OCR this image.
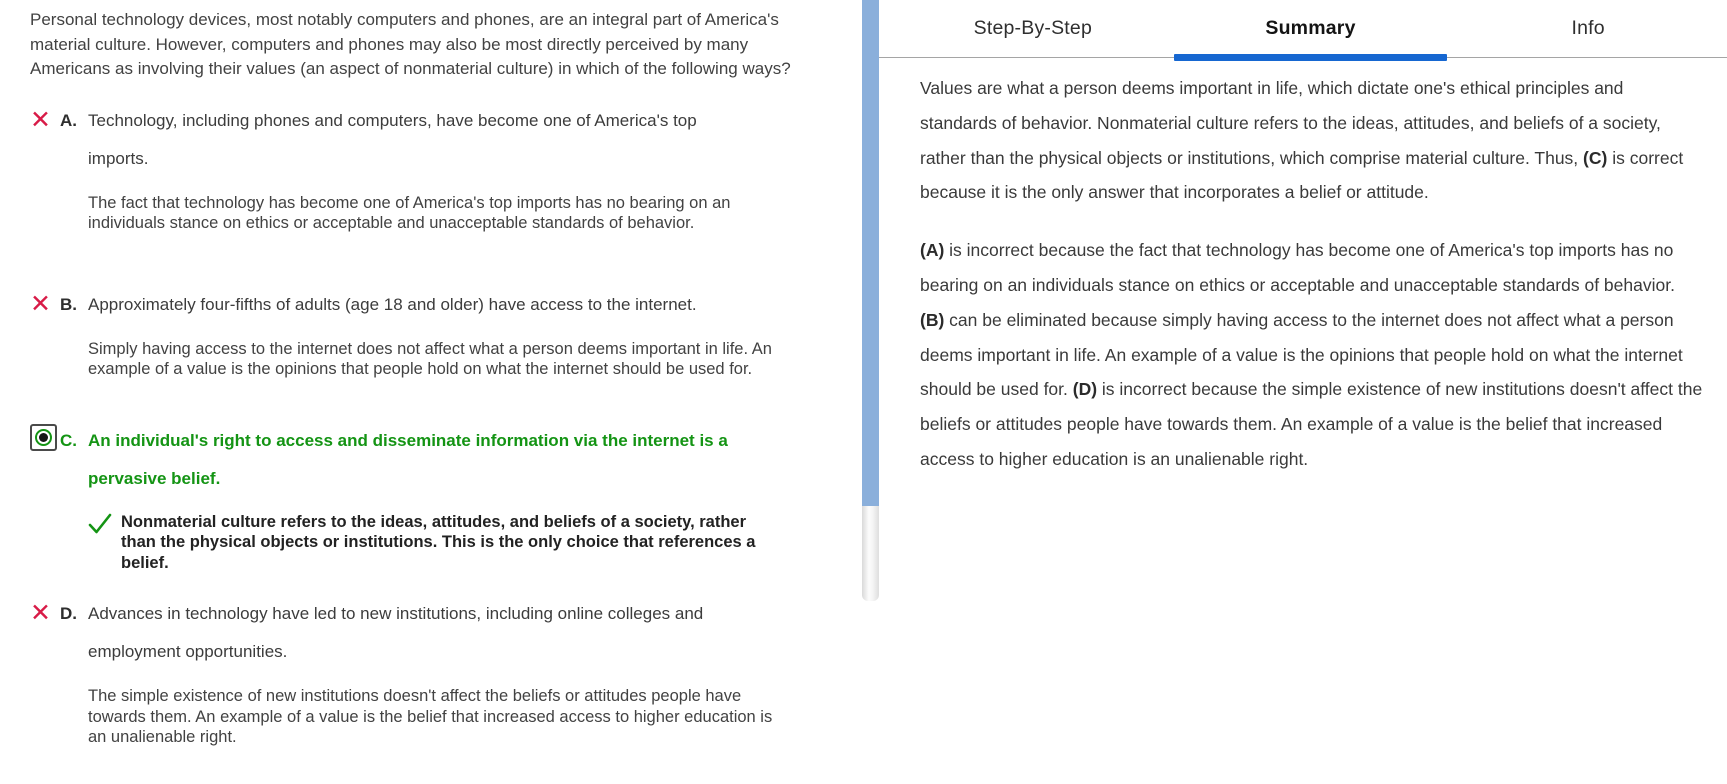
Personal technology devices, most notably computers and phones, are an integral part of America's material culture. However, computers and phones may also be most directly perceived by many Americans as involving their values (an aspect of nonmaterial culture) in which of the following ways?
✕ A. Technology, including phones and computers, have become one of America's top imports.
The fact that technology has become one of America's top imports has no bearing on an individuals stance on ethics or acceptable and unacceptable standards of behavior.
✕ B. Approximately four-fifths of adults (age 18 and older) have access to the internet.
Simply having access to the internet does not affect what a person deems important in life. An example of a value is the opinions that people hold on what the internet should be used for.
C. An individual's right to access and disseminate information via the internet is a pervasive belief.
Nonmaterial culture refers to the ideas, attitudes, and beliefs of a society, rather than the physical objects or institutions. This is the only choice that references a belief.
✕ D. Advances in technology have led to new institutions, including online colleges and employment opportunities.
The simple existence of new institutions doesn't affect the beliefs or attitudes people have towards them. An example of a value is the belief that increased access to higher education is an unalienable right.
Step-By-Step	Summary	Info

Values are what a person deems important in life, which dictate one's ethical principles and standards of behavior. Nonmaterial culture refers to the ideas, attitudes, and beliefs of a society, rather than the physical objects or institutions, which comprise material culture. Thus, (C) is correct because it is the only answer that incorporates a belief or attitude.

(A) is incorrect because the fact that technology has become one of America's top imports has no bearing on an individuals stance on ethics or acceptable and unacceptable standards of behavior. (B) can be eliminated because simply having access to the internet does not affect what a person deems important in life. An example of a value is the opinions that people hold on what the internet should be used for. (D) is incorrect because the simple existence of new institutions doesn't affect the beliefs or attitudes people have towards them. An example of a value is the belief that increased access to higher education is an unalienable right.
